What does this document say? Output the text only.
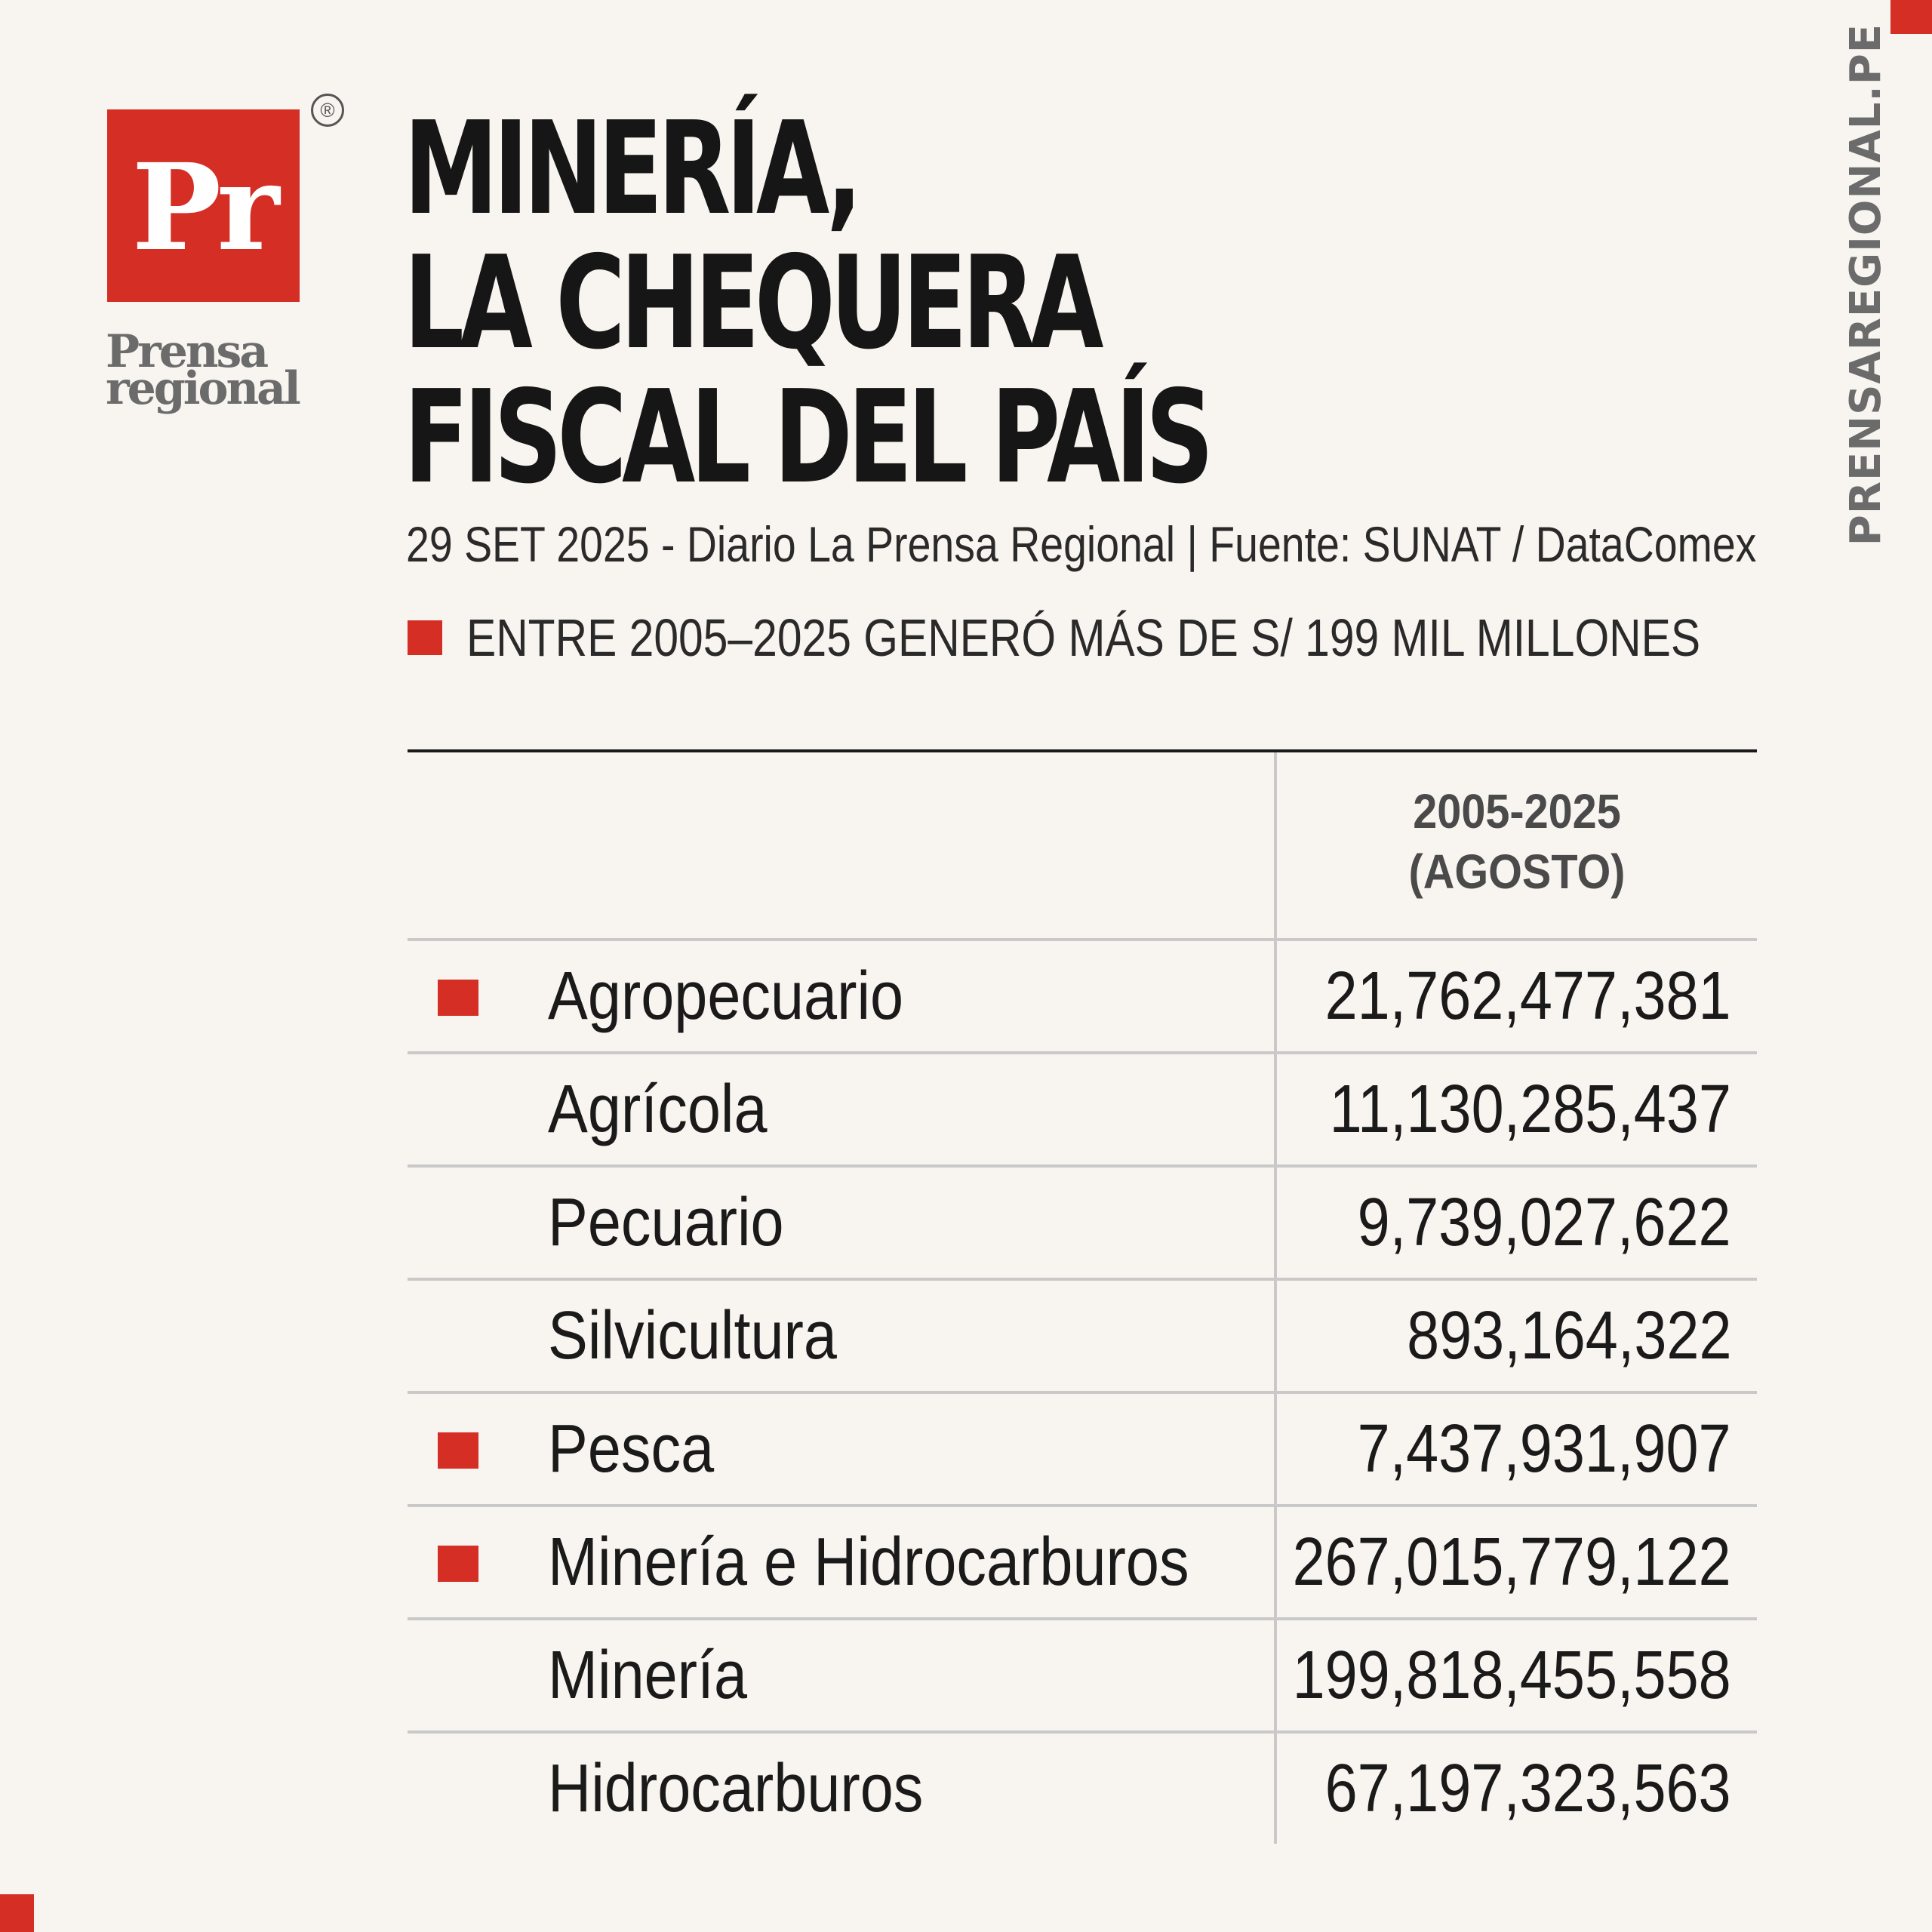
Pr
®
Prensa
regional	PRENSAREGIONAL.PE
MINERÍA,
LA CHEQUERA
FISCAL DEL PAÍS
29 SET 2025 - Diario La Prensa Regional | Fuente: SUNAT / DataComex
ENTRE 2005–2025 GENERÓ MÁS DE S/ 199 MIL MILLONES
2005-2025
(AGOSTO)
Agropecuario	21,762,477,381
Agrícola	11,130,285,437
Pecuario	9,739,027,622
Silvicultura	893,164,322
Pesca	7,437,931,907
Minería e Hidrocarburos 267,015,779,122
Minería	199,818,455,558
Hidrocarburos	67,197,323,563
